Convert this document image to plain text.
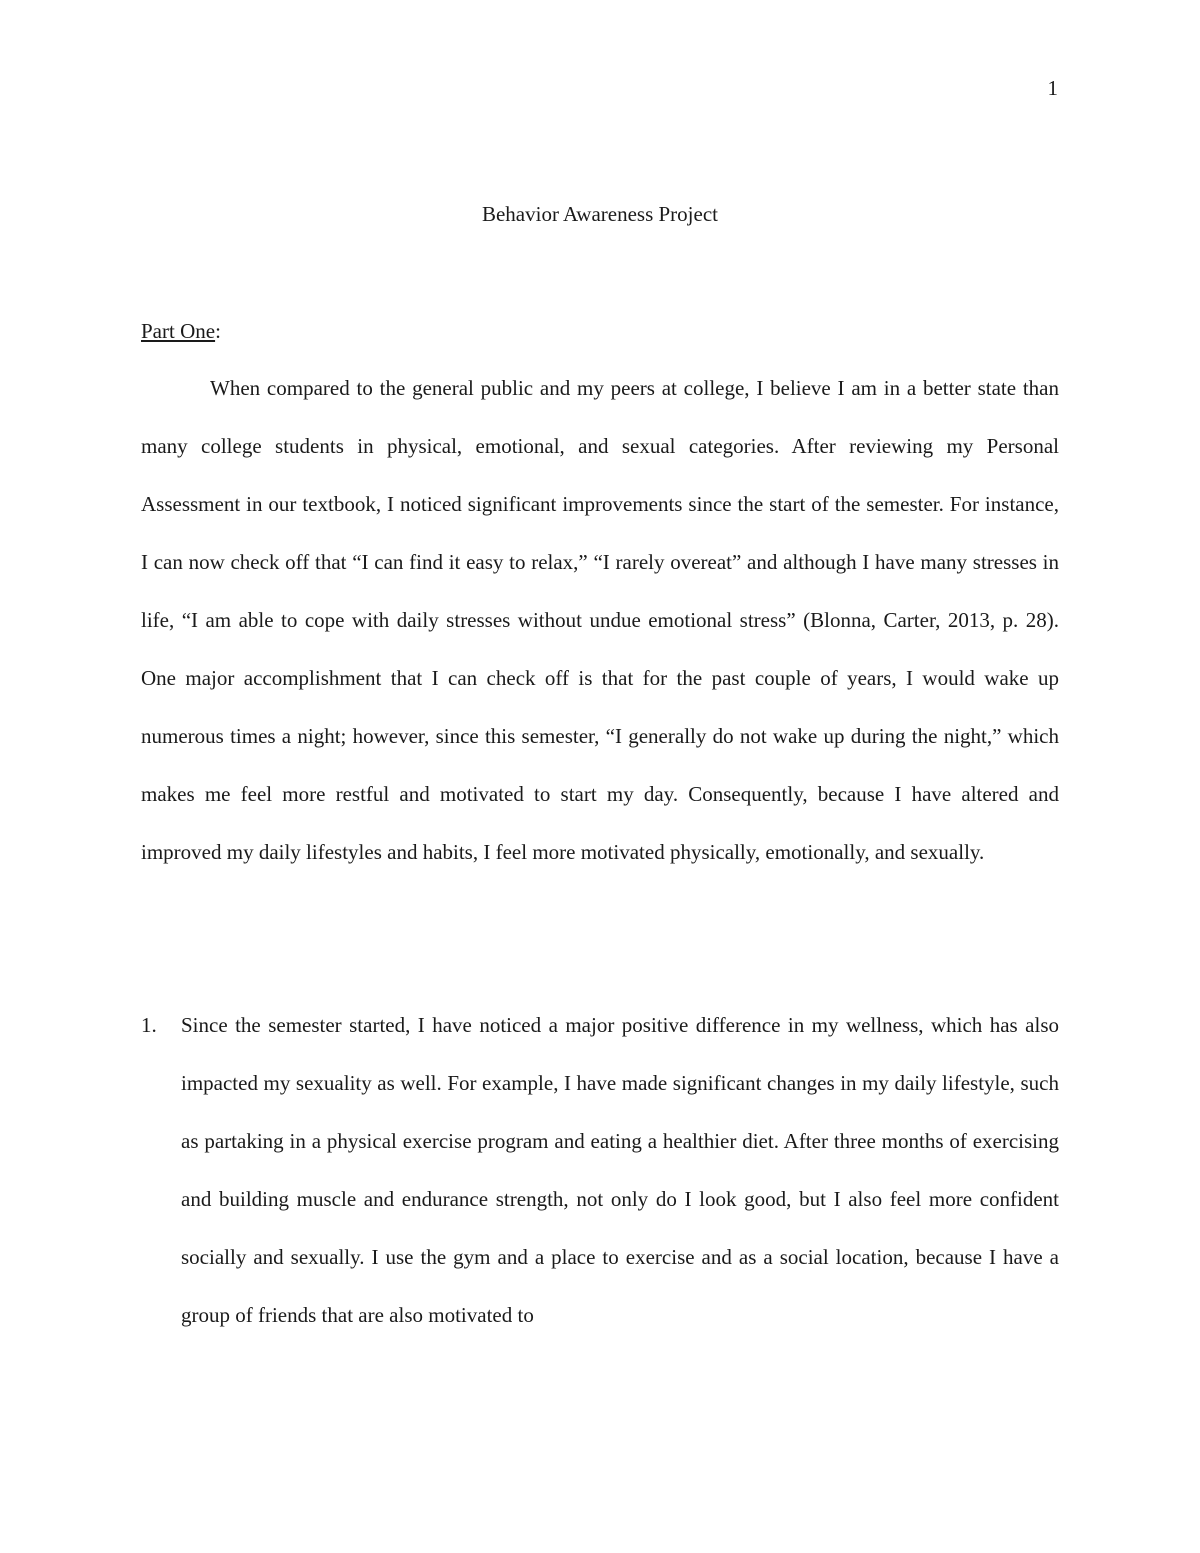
1
Behavior Awareness Project
Part One:

When compared to the general public and my peers at college, I believe I am in a better state than many college students in physical, emotional, and sexual categories. After reviewing my Personal Assessment in our textbook, I noticed significant improvements since the start of the semester. For instance, I can now check off that “I can find it easy to relax,” “I rarely overeat” and although I have many stresses in life, “I am able to cope with daily stresses without undue emotional stress” (Blonna, Carter, 2013, p. 28). One major accomplishment that I can check off is that for the past couple of years, I would wake up numerous times a night; however, since this semester, “I generally do not wake up during the night,” which makes me feel more restful and motivated to start my day. Consequently, because I have altered and improved my daily lifestyles and habits, I feel more motivated physically, emotionally, and sexually.

1.	Since the semester started, I have noticed a major positive difference in my wellness, which has also impacted my sexuality as well. For example, I have made significant changes in my daily lifestyle, such as partaking in a physical exercise program and eating a healthier diet. After three months of exercising and building muscle and endurance strength, not only do I look good, but I also feel more confident socially and sexually. I use the gym and a place to exercise and as a social location, because I have a group of friends that are also motivated to
